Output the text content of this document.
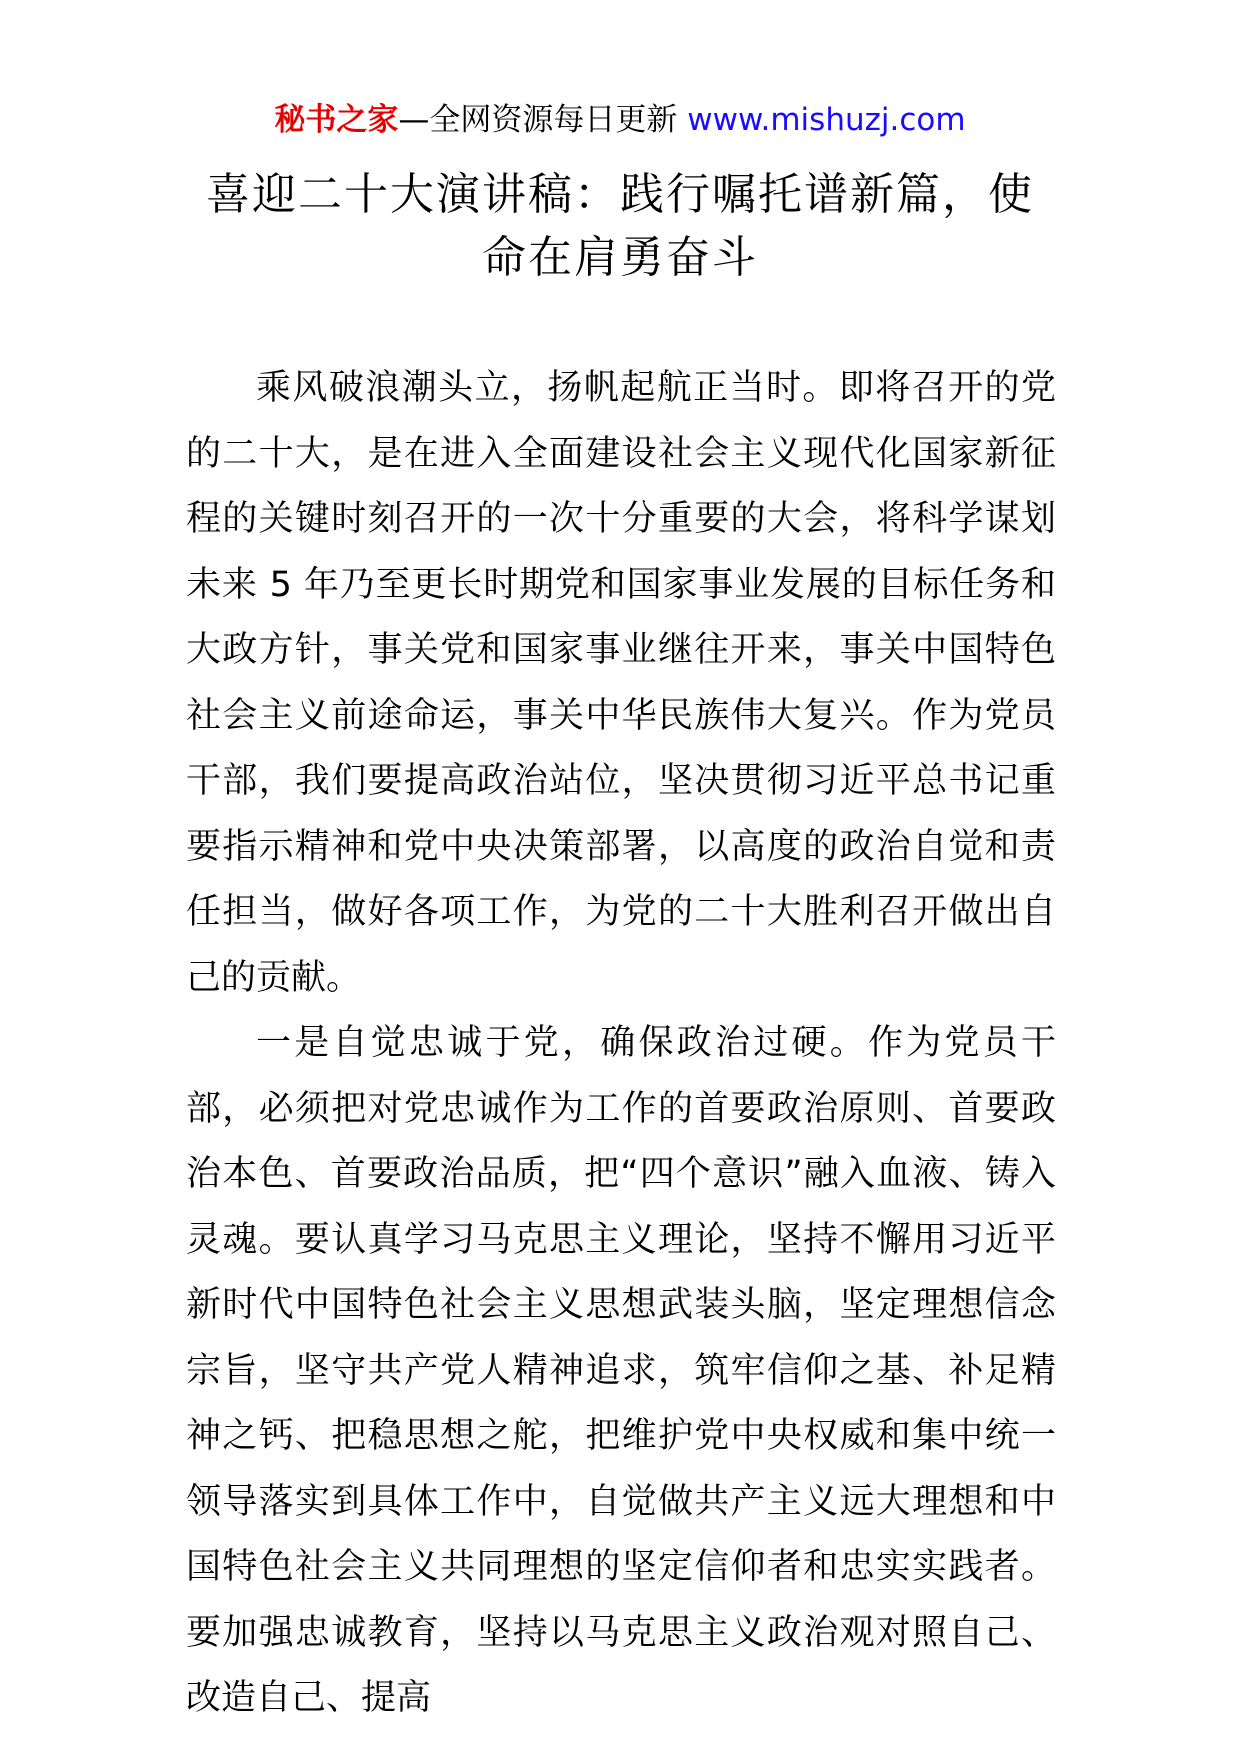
秘书之家—全网资源每日更新 www.mishuzj.com
喜迎二十大演讲稿：践行嘱托谱新篇，使命在肩勇奋斗

乘风破浪潮头立，扬帆起航正当时。即将召开的党的二十大，是在进入全面建设社会主义现代化国家新征程的关键时刻召开的一次十分重要的大会，将科学谋划未来 5 年乃至更长时期党和国家事业发展的目标任务和大政方针，事关党和国家事业继往开来，事关中国特色社会主义前途命运，事关中华民族伟大复兴。作为党员干部，我们要提高政治站位，坚决贯彻习近平总书记重要指示精神和党中央决策部署，以高度的政治自觉和责任担当，做好各项工作，为党的二十大胜利召开做出自己的贡献。

一是自觉忠诚于党，确保政治过硬。作为党员干部，必须把对党忠诚作为工作的首要政治原则、首要政治本色、首要政治品质，把“四个意识”融入血液、铸入灵魂。要认真学习马克思主义理论，坚持不懈用习近平新时代中国特色社会主义思想武装头脑，坚定理想信念宗旨，坚守共产党人精神追求，筑牢信仰之基、补足精神之钙、把稳思想之舵，把维护党中央权威和集中统一领导落实到具体工作中，自觉做共产主义远大理想和中国特色社会主义共同理想的坚定信仰者和忠实实践者。要加强忠诚教育，坚持以马克思主义政治观对照自己、改造自己、提高
